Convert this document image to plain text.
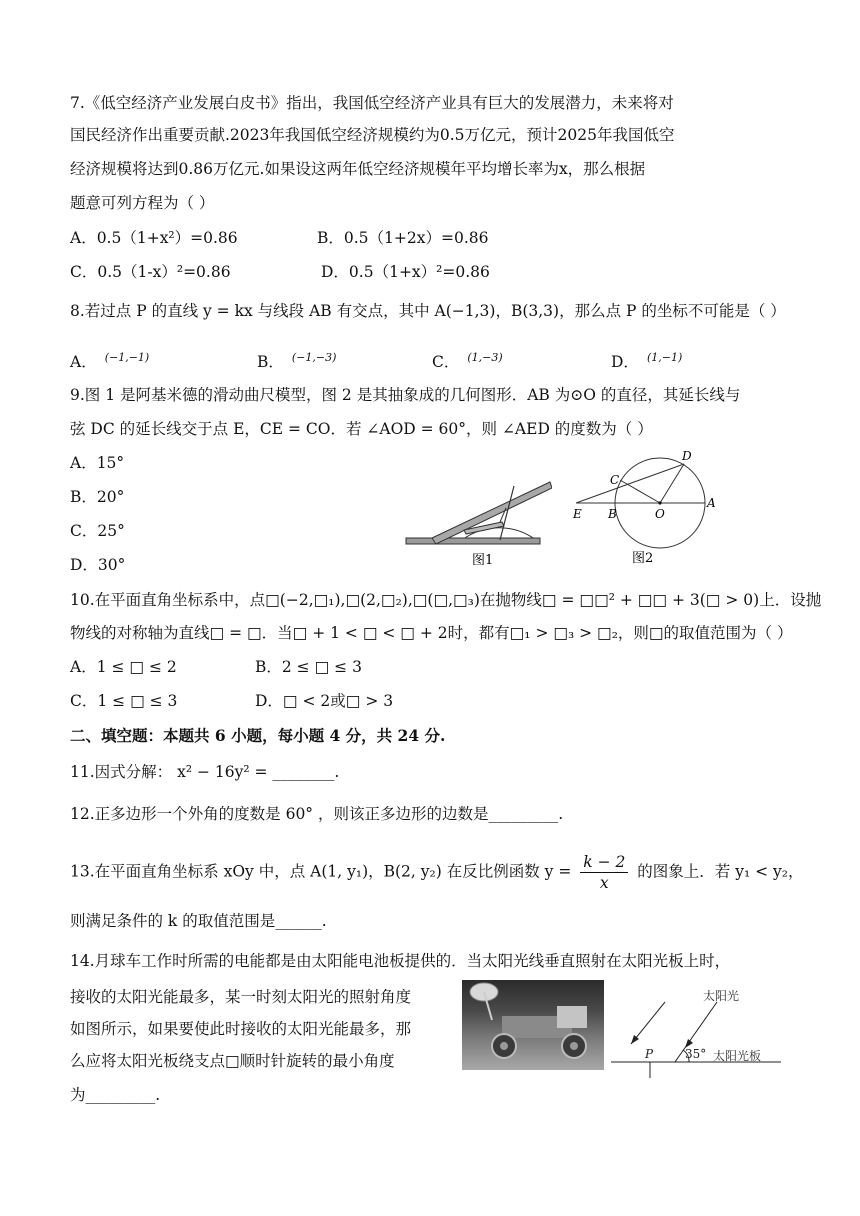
7.《低空经济产业发展白皮书》指出，我国低空经济产业具有巨大的发展潜力，未来将对
国民经济作出重要贡献.2023年我国低空经济规模约为0.5万亿元，预计2025年我国低空
经济规模将达到0.86万亿元.如果设这两年低空经济规模年平均增长率为x，那么根据
题意可列方程为（ ）
A．0.5（1+x²）=0.86	B．0.5（1+2x）=0.86
C．0.5（1-x）²=0.86	D．0.5（1+x）²=0.86
8.若过点 P 的直线 y = kx 与线段 AB 有交点，其中 A(−1,3)，B(3,3)，那么点 P 的坐标不可能是（ ）
A． $^{(-1,-1)}$	B． $^{(-1,-3)}$	C． $^{(1,-3)}$	D． $^{(1,-1)}$
9.图 1 是阿基米德的滑动曲尺模型，图 2 是其抽象成的几何图形．AB 为⊙O 的直径，其延长线与
弦 DC 的延长线交于点 E，CE = CO．若 ∠AOD = 60°，则 ∠AED 的度数为（ ）
A．15°
B．20°
C．25°
D．30°	图1
D
C
E B	O
A
图2
10.在平面直角坐标系中，点□(−2,□₁),□(2,□₂),□(□,□₃)在抛物线□ = □□² + □□ + 3(□ > 0)上．设抛
物线的对称轴为直线□ = □．当□ + 1 < □ < □ + 2时，都有□₁ > □₃ > □₂，则□的取值范围为（ ）
A．1 ≤ □ ≤ 2	B．2 ≤ □ ≤ 3
C．1 ≤ □ ≤ 3	D．□ < 2或□ > 3
二、填空题：本题共 6 小题，每小题 4 分，共 24 分.
11.因式分解： x² − 16y² = ________.
12.正多边形一个外角的度数是 60° ，则该正多边形的边数是_________.
13.在平面直角坐标系 xOy 中，点 A(1, y₁)，B(2, y₂) 在反比例函数 $y = \frac{k - 2}{x}$ 的图象上．若 y₁ < y₂，
则满足条件的 k 的取值范围是______.
14.月球车工作时所需的电能都是由太阳能电池板提供的．当太阳光线垂直照射在太阳光板上时，
接收的太阳光能最多，某一时刻太阳光的照射角度
如图所示，如果要使此时接收的太阳光能最多，那
么应将太阳光板绕支点□顺时针旋转的最小角度
为_________.
太阳光
P	35° 太阳光板
